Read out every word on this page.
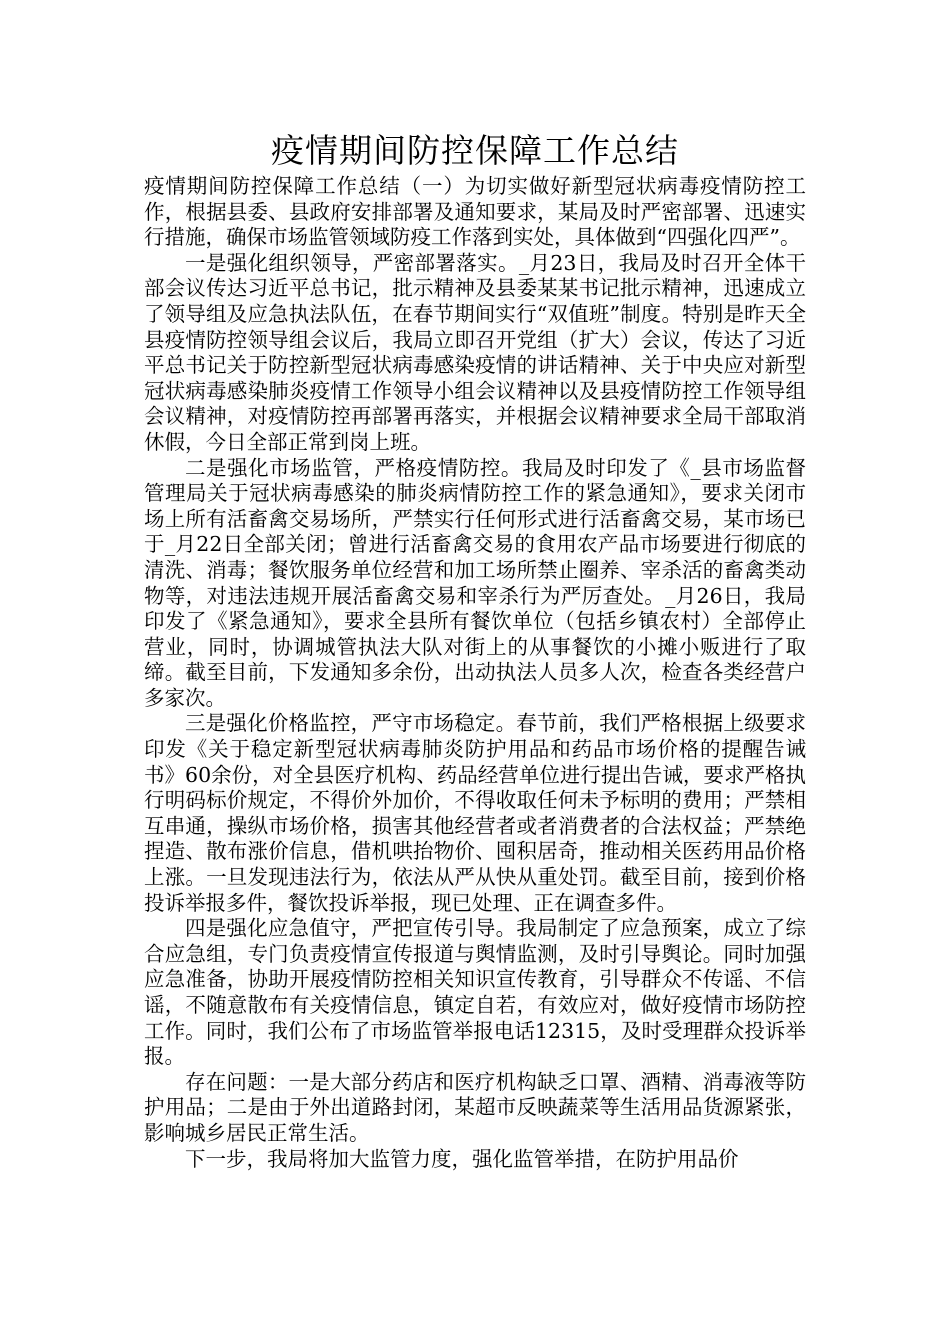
疫情期间防控保障工作总结

疫情期间防控保障工作总结（一）为切实做好新型冠状病毒疫情防控工作，根据县委、县政府安排部署及通知要求，某局及时严密部署、迅速实行措施，确保市场监管领域防疫工作落到实处，具体做到“四强化四严”。

一是强化组织领导，严密部署落实。_月23日，我局及时召开全体干部会议传达习近平总书记，批示精神及县委某某书记批示精神，迅速成立了领导组及应急执法队伍，在春节期间实行“双值班”制度。特别是昨天全县疫情防控领导组会议后，我局立即召开党组（扩大）会议，传达了习近平总书记关于防控新型冠状病毒感染疫情的讲话精神、关于中央应对新型冠状病毒感染肺炎疫情工作领导小组会议精神以及县疫情防控工作领导组会议精神，对疫情防控再部署再落实，并根据会议精神要求全局干部取消休假，今日全部正常到岗上班。

二是强化市场监管，严格疫情防控。我局及时印发了《_县市场监督管理局关于冠状病毒感染的肺炎病情防控工作的紧急通知》，要求关闭市场上所有活畜禽交易场所，严禁实行任何形式进行活畜禽交易，某市场已于_月22日全部关闭；曾进行活畜禽交易的食用农产品市场要进行彻底的清洗、消毒；餐饮服务单位经营和加工场所禁止圈养、宰杀活的畜禽类动物等，对违法违规开展活畜禽交易和宰杀行为严厉查处。_月26日，我局印发了《紧急通知》，要求全县所有餐饮单位（包括乡镇农村）全部停止营业，同时，协调城管执法大队对街上的从事餐饮的小摊小贩进行了取缔。截至目前，下发通知多余份，出动执法人员多人次，检查各类经营户多家次。

三是强化价格监控，严守市场稳定。春节前，我们严格根据上级要求印发《关于稳定新型冠状病毒肺炎防护用品和药品市场价格的提醒告诫书》60余份，对全县医疗机构、药品经营单位进行提出告诫，要求严格执行明码标价规定，不得价外加价，不得收取任何未予标明的费用；严禁相互串通，操纵市场价格，损害其他经营者或者消费者的合法权益；严禁绝捏造、散布涨价信息，借机哄抬物价、囤积居奇，推动相关医药用品价格上涨。一旦发现违法行为，依法从严从快从重处罚。截至目前，接到价格投诉举报多件，餐饮投诉举报，现已处理、正在调查多件。

四是强化应急值守，严把宣传引导。我局制定了应急预案，成立了综合应急组，专门负责疫情宣传报道与舆情监测，及时引导舆论。同时加强应急准备，协助开展疫情防控相关知识宣传教育，引导群众不传谣、不信谣，不随意散布有关疫情信息，镇定自若，有效应对，做好疫情市场防控工作。同时，我们公布了市场监管举报电话12315，及时受理群众投诉举报。

存在问题：一是大部分药店和医疗机构缺乏口罩、酒精、消毒液等防护用品；二是由于外出道路封闭，某超市反映蔬菜等生活用品货源紧张，影响城乡居民正常生活。

下一步，我局将加大监管力度，强化监管举措，在防护用品价
